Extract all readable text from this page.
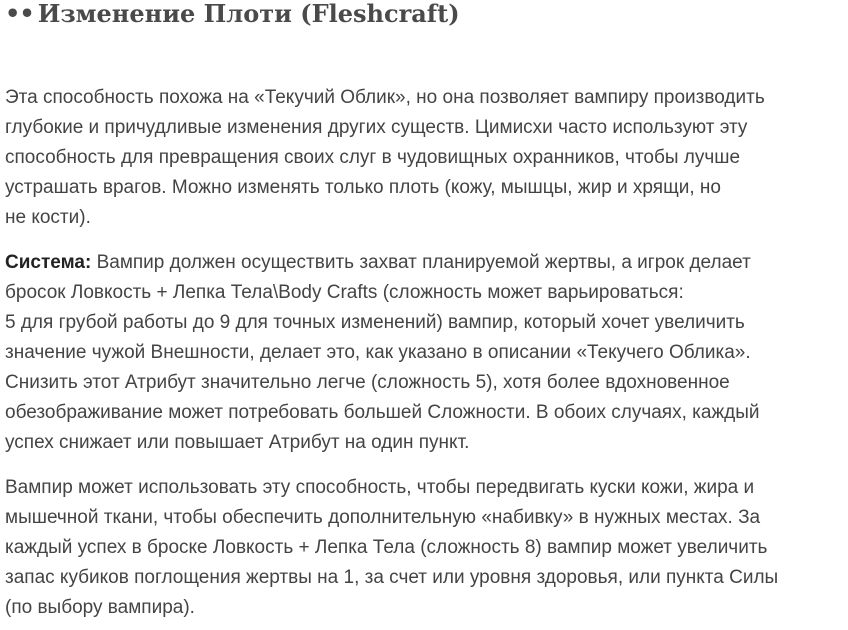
•• Изменение Плоти (Fleshcraft)

Эта способность похожа на «Текучий Облик», но она позволяет вампиру производить
глубокие и причудливые изменения других существ. Цимисхи часто используют эту
способность для превращения своих слуг в чудовищных охранников, чтобы лучше
устрашать врагов. Можно изменять только плоть (кожу, мышцы, жир и хрящи, но
не кости).

Система: Вампир должен осуществить захват планируемой жертвы, а игрок делает
бросок Ловкость + Лепка Тела\Body Crafts (сложность может варьироваться:
5 для грубой работы до 9 для точных изменений) вампир, который хочет увеличить
значение чужой Внешности, делает это, как указано в описании «Текучего Облика».
Снизить этот Атрибут значительно легче (сложность 5), хотя более вдохновенное
обезображивание может потребовать большей Сложности. В обоих случаях, каждый
успех снижает или повышает Атрибут на один пункт.

Вампир может использовать эту способность, чтобы передвигать куски кожи, жира и
мышечной ткани, чтобы обеспечить дополнительную «набивку» в нужных местах. За
каждый успех в броске Ловкость + Лепка Тела (сложность 8) вампир может увеличить
запас кубиков поглощения жертвы на 1, за счет или уровня здоровья, или пункта Силы
(по выбору вампира).
